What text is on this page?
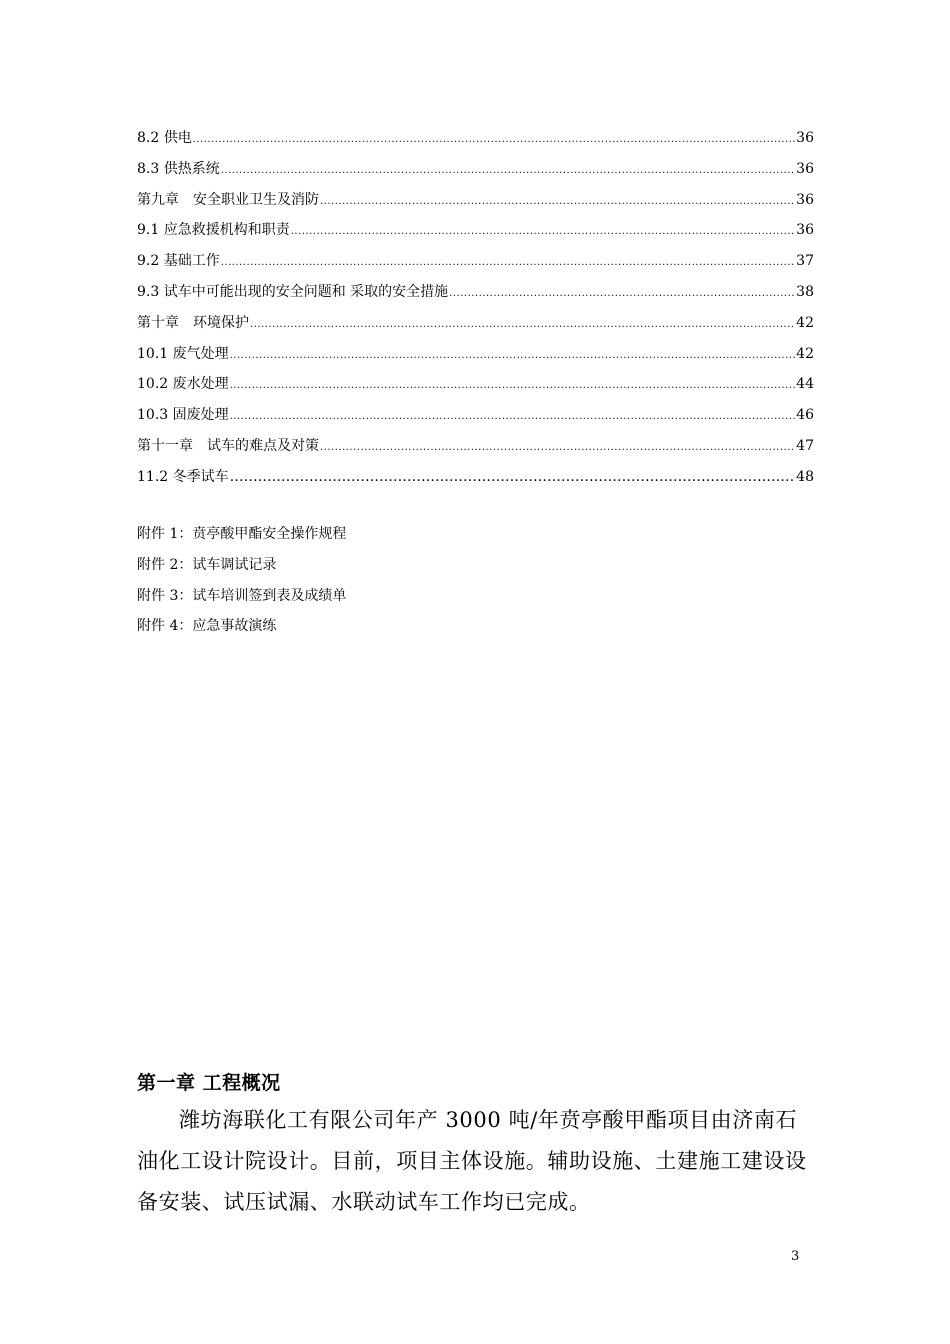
8.2 供电 .....	36
8.3 供热系统 .....	36
第九章　安全职业卫生及消防 .....	36
9.1 应急救援机构和职责 .....	36
9.2 基础工作 .....	37
9.3 试车中可能出现的安全问题和 采取的安全措施 .....	38
第十章　环境保护 .....	42
10.1 废气处理 .....	42
10.2 废水处理 .....	44
10.3 固废处理 .....	46
第十一章　试车的难点及对策 .....	47
11.2 冬季试车 …………………………………………………………………………………………………………………………………………	48
附件 1：贲亭酸甲酯安全操作规程
附件 2：试车调试记录
附件 3：试车培训签到表及成绩单
附件 4：应急事故演练
第一章 工程概况
潍坊海联化工有限公司年产 3000 吨/年贲亭酸甲酯项目由济南石油化工设计院设计。目前，项目主体设施。辅助设施、土建施工建设设备安装、试压试漏、水联动试车工作均已完成。
3
